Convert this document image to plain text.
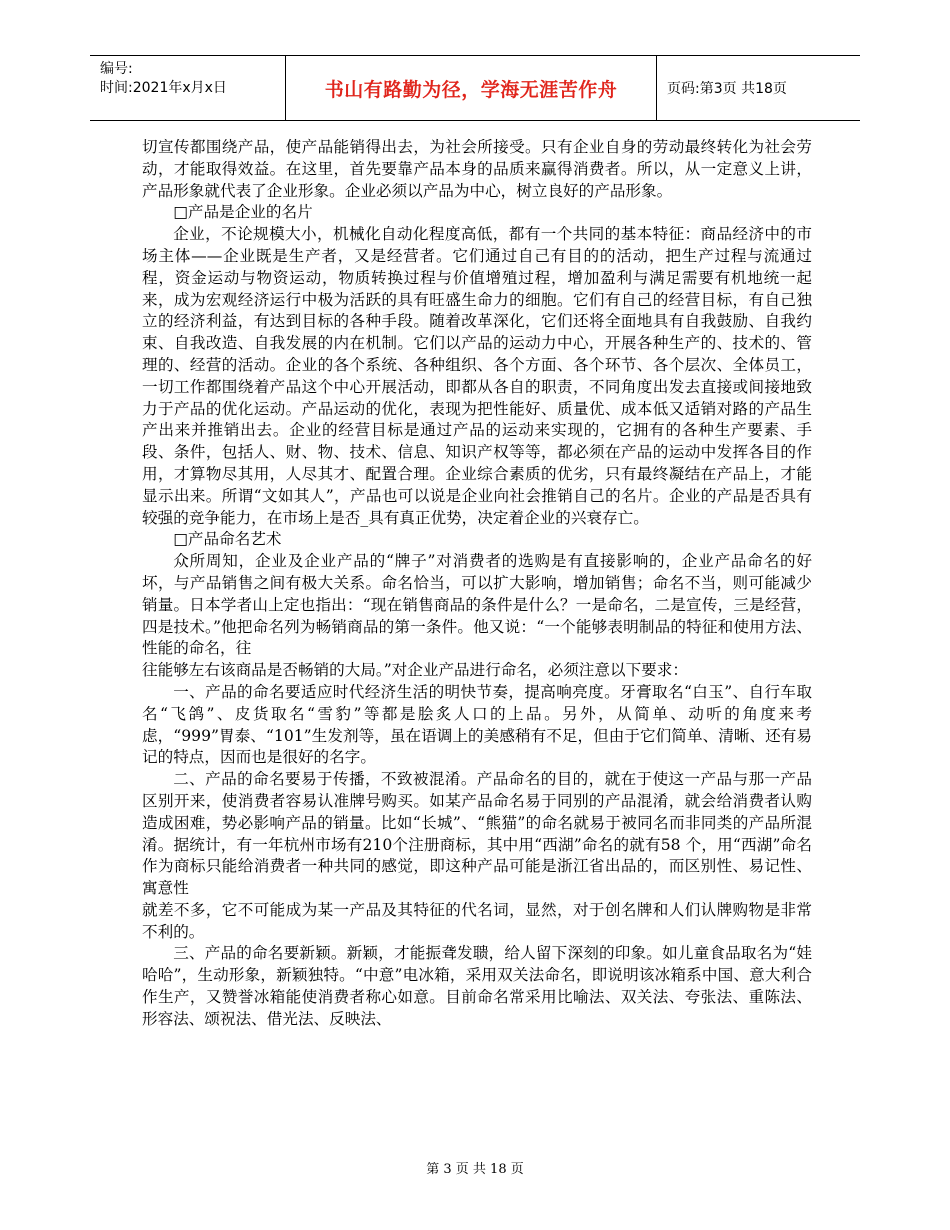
编号:
时间:2021年x月x日	书山有路勤为径，学海无涯苦作舟	页码:第3页 共18页

切宣传都围绕产品，使产品能销得出去，为社会所接受。只有企业自身的劳动最终转化为社会劳动，才能取得效益。在这里，首先要靠产品本身的品质来赢得消费者。所以，从一定意义上讲，产品形象就代表了企业形象。企业必须以产品为中心，树立良好的产品形象。

□产品是企业的名片

企业，不论规模大小，机械化自动化程度高低，都有一个共同的基本特征：商品经济中的市场主体——企业既是生产者，又是经营者。它们通过自己有目的的活动，把生产过程与流通过程，资金运动与物资运动，物质转换过程与价值增殖过程，增加盈利与满足需要有机地统一起来，成为宏观经济运行中极为活跃的具有旺盛生命力的细胞。它们有自己的经营目标，有自己独立的经济利益，有达到目标的各种手段。随着改革深化，它们还将全面地具有自我鼓励、自我约束、自我改造、自我发展的内在机制。它们以产品的运动力中心，开展各种生产的、技术的、管理的、经营的活动。企业的各个系统、各种组织、各个方面、各个环节、各个层次、全体员工，一切工作都围绕着产品这个中心开展活动，即都从各自的职责，不同角度出发去直接或间接地致力于产品的优化运动。产品运动的优化，表现为把性能好、质量优、成本低又适销对路的产品生产出来并推销出去。企业的经营目标是通过产品的运动来实现的，它拥有的各种生产要素、手段、条件，包括人、财、物、技术、信息、知识产权等等，都必须在产品的运动中发挥各目的作用，才算物尽其用，人尽其才、配置合理。企业综合素质的优劣，只有最终凝结在产品上，才能显示出来。所谓“文如其人”，产品也可以说是企业向社会推销自己的名片。企业的产品是否具有较强的竞争能力，在市场上是否_具有真正优势，决定着企业的兴衰存亡。

□产品命名艺术

众所周知，企业及企业产品的“牌子”对消费者的选购是有直接影响的，企业产品命名的好坏，与产品销售之间有极大关系。命名恰当，可以扩大影响，增加销售；命名不当，则可能减少销量。日本学者山上定也指出：“现在销售商品的条件是什么？一是命名，二是宣传，三是经营，四是技术。”他把命名列为畅销商品的第一条件。他又说：“一个能够表明制品的特征和使用方法、性能的命名，往

往能够左右该商品是否畅销的大局。”对企业产品进行命名，必须注意以下要求：

一、产品的命名要适应时代经济生活的明快节奏，提高响亮度。牙膏取名“白玉”、自行车取名“飞鸽”、皮货取名“雪豹”等都是脍炙人口的上品。另外，从简单、动听的角度来考虑，“999”胃泰、“101”生发剂等，虽在语调上的美感稍有不足，但由于它们简单、清晰、还有易记的特点，因而也是很好的名字。

二、产品的命名要易于传播，不致被混淆。产品命名的目的，就在于使这一产品与那一产品区别开来，使消费者容易认准牌号购买。如某产品命名易于同别的产品混淆，就会给消费者认购造成困难，势必影响产品的销量。比如“长城”、“熊猫”的命名就易于被同名而非同类的产品所混淆。据统计，有一年杭州市场有210个注册商标，其中用“西湖”命名的就有58 个，用“西湖”命名作为商标只能给消费者一种共同的感觉，即这种产品可能是浙江省出品的，而区别性、易记性、寓意性

就差不多，它不可能成为某一产品及其特征的代名词，显然，对于创名牌和人们认牌购物是非常不利的。

三、产品的命名要新颖。新颖，才能振聋发聩，给人留下深刻的印象。如儿童食品取名为“娃哈哈”，生动形象，新颖独特。“中意”电冰箱，采用双关法命名，即说明该冰箱系中国、意大利合作生产，又赞誉冰箱能使消费者称心如意。目前命名常采用比喻法、双关法、夸张法、重陈法、形容法、颂祝法、借光法、反映法、

第 3 页 共 18 页
